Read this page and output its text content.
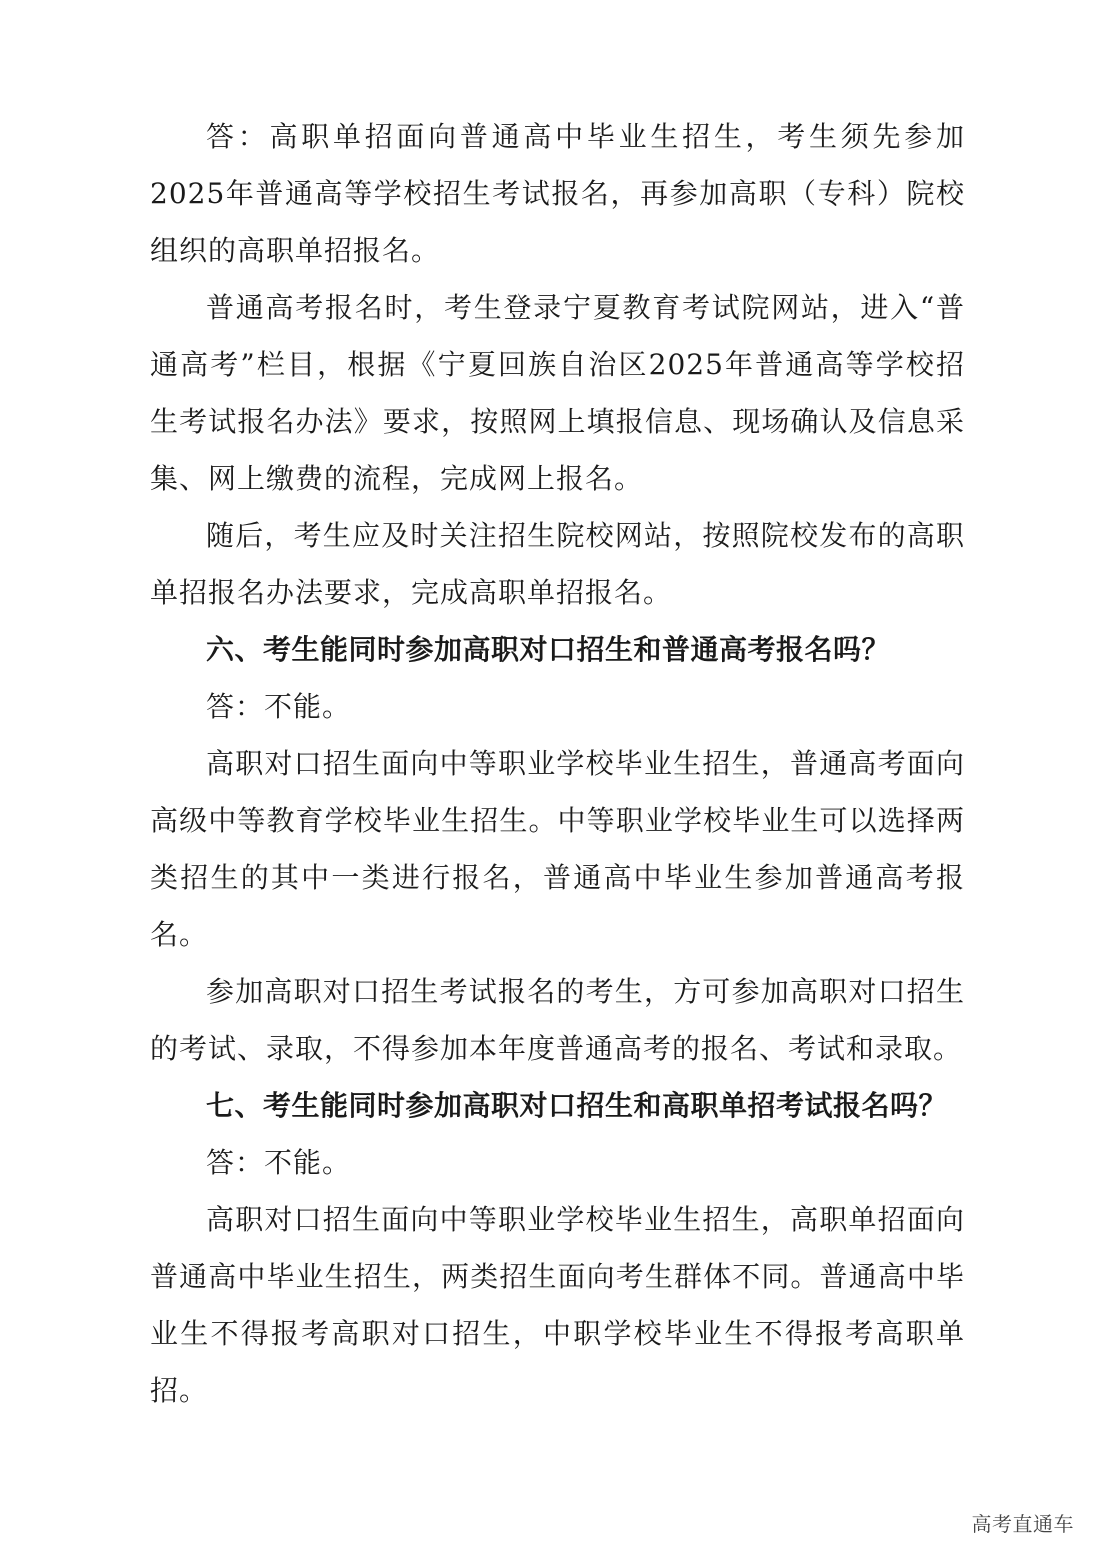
答：高职单招面向普通高中毕业生招生，考生须先参加2025年普通高等学校招生考试报名，再参加高职（专科）院校组织的高职单招报名。

普通高考报名时，考生登录宁夏教育考试院网站，进入“普通高考”栏目，根据《宁夏回族自治区2025年普通高等学校招生考试报名办法》要求，按照网上填报信息、现场确认及信息采集、网上缴费的流程，完成网上报名。

随后，考生应及时关注招生院校网站，按照院校发布的高职单招报名办法要求，完成高职单招报名。

六、考生能同时参加高职对口招生和普通高考报名吗？

答：不能。

高职对口招生面向中等职业学校毕业生招生，普通高考面向高级中等教育学校毕业生招生。中等职业学校毕业生可以选择两类招生的其中一类进行报名，普通高中毕业生参加普通高考报名。

参加高职对口招生考试报名的考生，方可参加高职对口招生的考试、录取，不得参加本年度普通高考的报名、考试和录取。

七、考生能同时参加高职对口招生和高职单招考试报名吗？

答：不能。

高职对口招生面向中等职业学校毕业生招生，高职单招面向普通高中毕业生招生，两类招生面向考生群体不同。普通高中毕业生不得报考高职对口招生，中职学校毕业生不得报考高职单招。

高考直通车
